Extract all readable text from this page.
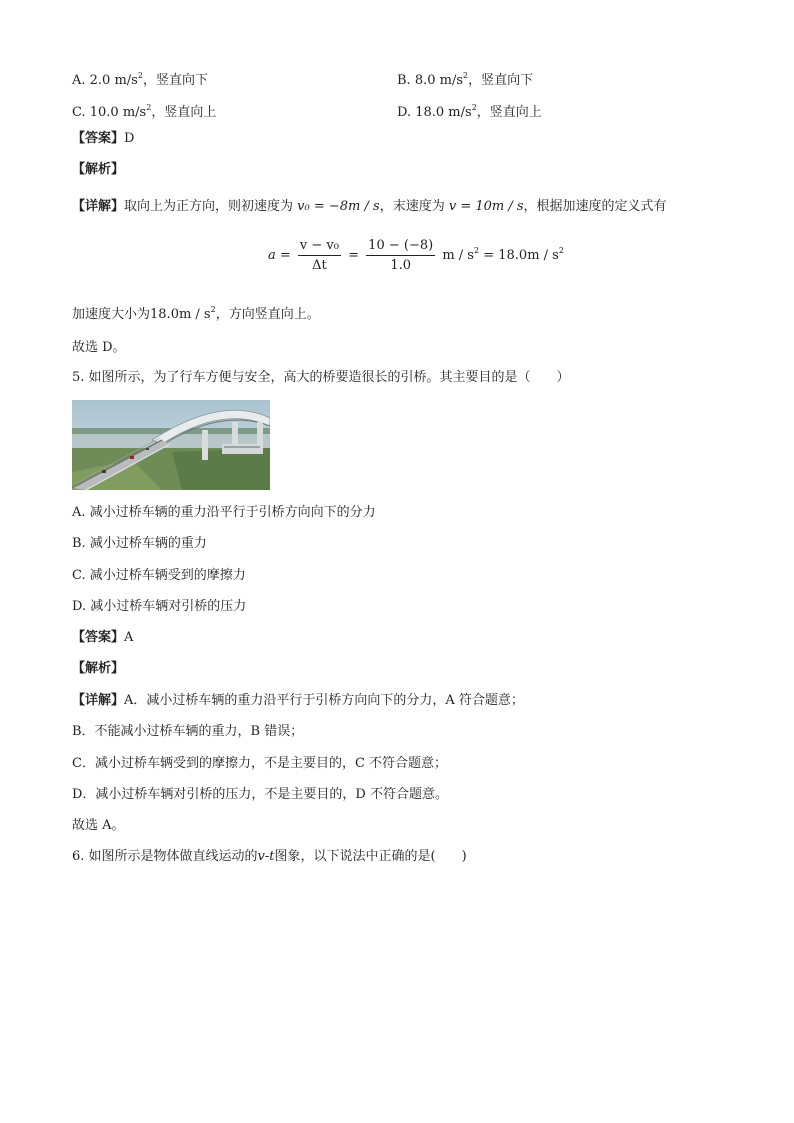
A. 2.0 $m/s^2$，竖直向下	B. 8.0 $m/s^2$，竖直向下
C. 10.0 $m/s^2$，竖直向上	D. 18.0 $m/s^2$，竖直向上
【答案】D
【解析】
【详解】取向上为正方向，则初速度为 v₀ = −8m / s，末速度为 v = 10m / s，根据加速度的定义式有
$a = \frac{\text{v − v₀}}{\Delta t} = \frac{10 - (-8)}{1.0}$ $m / s^2 = 18.0m / s^2$
加速度大小为$18.0m / s^2$，方向竖直向上。
故选 D。
5. 如图所示，为了行车方便与安全，高大的桥要造很长的引桥。其主要目的是（　　）
A. 减小过桥车辆的重力沿平行于引桥方向向下的分力
B. 减小过桥车辆的重力
C. 减小过桥车辆受到的摩擦力
D. 减小过桥车辆对引桥的压力
【答案】A
【解析】
【详解】A．减小过桥车辆的重力沿平行于引桥方向向下的分力，A 符合题意；
B．不能减小过桥车辆的重力，B 错误；
C．减小过桥车辆受到的摩擦力，不是主要目的，C 不符合题意；
D．减小过桥车辆对引桥的压力，不是主要目的，D 不符合题意。
故选 A。
6. 如图所示是物体做直线运动的v-t图象，以下说法中正确的是(　　)
